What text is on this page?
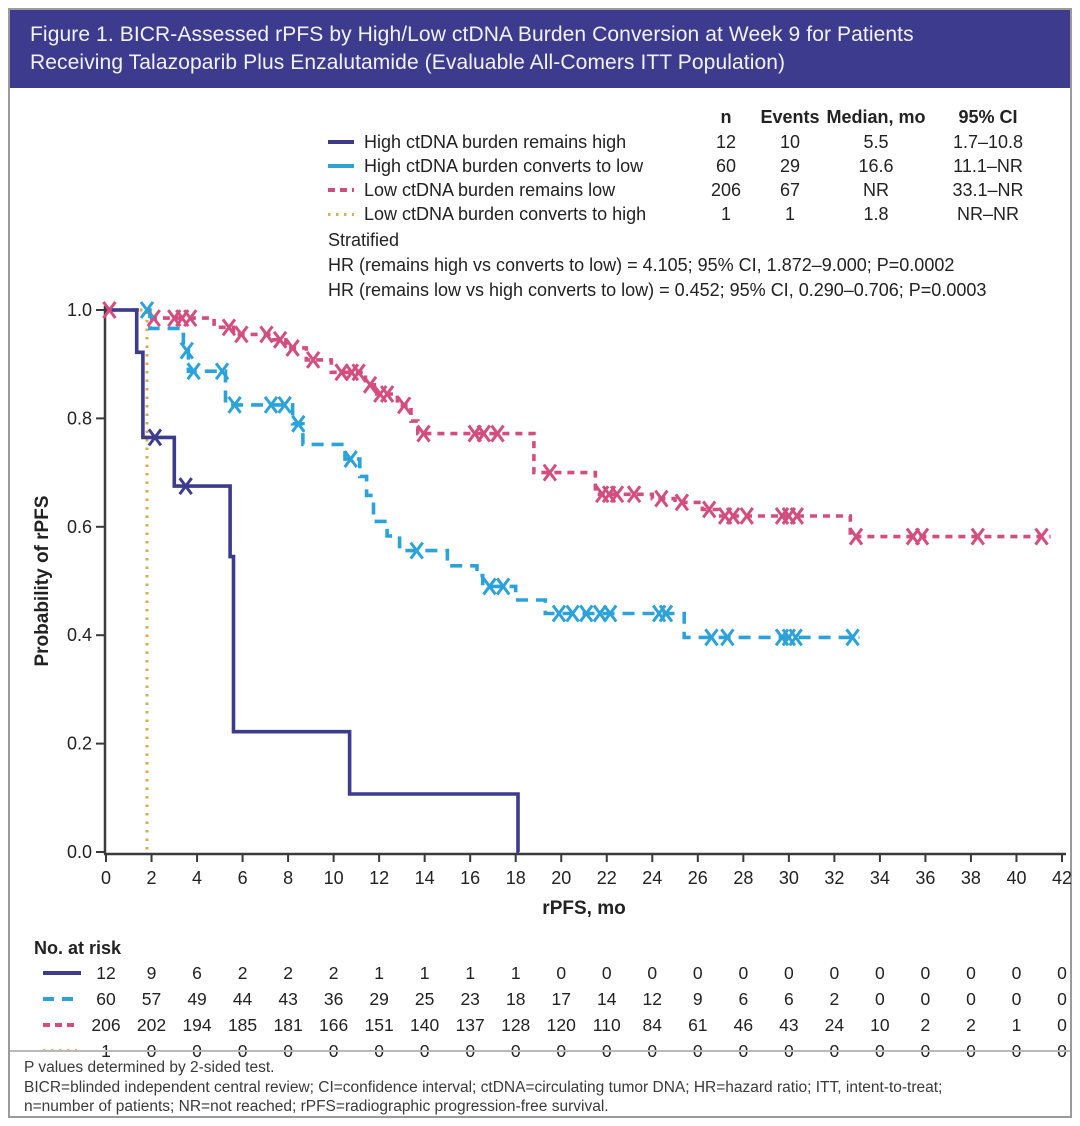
Figure 1. BICR-Assessed rPFS by High/Low ctDNA Burden Conversion at Week 9 for Patients
Receiving Talazoparib Plus Enzalutamide (Evaluable All-Comers ITT Population)
n	Events Median, mo	95% CI
High ctDNA burden remains high	12	10	5.5	1.7–10.8
High ctDNA burden converts to low	60	29	16.6	11.1–NR
Low ctDNA burden remains low	206	67	NR	33.1–NR
Low ctDNA burden converts to high	1	1	1.8	NR–NR
Stratified
HR (remains high vs converts to low) = 4.105; 95% CI, 1.872–9.000; P=0.0002
HR (remains low vs high converts to low) = 0.452; 95% CI, 0.290–0.706; P=0.0003
0.0
0.2
0.4
0.6
0.8
1.0
0 2 4 6 8 10 12 14 16 18 20 22 24 26 28 30 32 34 36 38 40 42
rPFS, mo
Probability of rPFS
No. at risk
12	9	6	2	2	2	1	1	1	1	0	0	0	0	0	0	0	0	0	0	0	0
60	57	49	44	43	36	29	25	23	18	17	14	12	9	6	6	2	0	0	0	0	0
206 202 194 185 181 166 151 140 137 128 120 110	84	61	46	43	24	10	2	2	1	0
1	0	0	0	0	0	0	0	0	0	0	0	0	0	0	0	0	0	0	0	0	0
P values determined by 2-sided test.
BICR=blinded independent central review; CI=confidence interval; ctDNA=circulating tumor DNA; HR=hazard ratio; ITT, intent-to-treat;
n=number of patients; NR=not reached; rPFS=radiographic progression-free survival.
